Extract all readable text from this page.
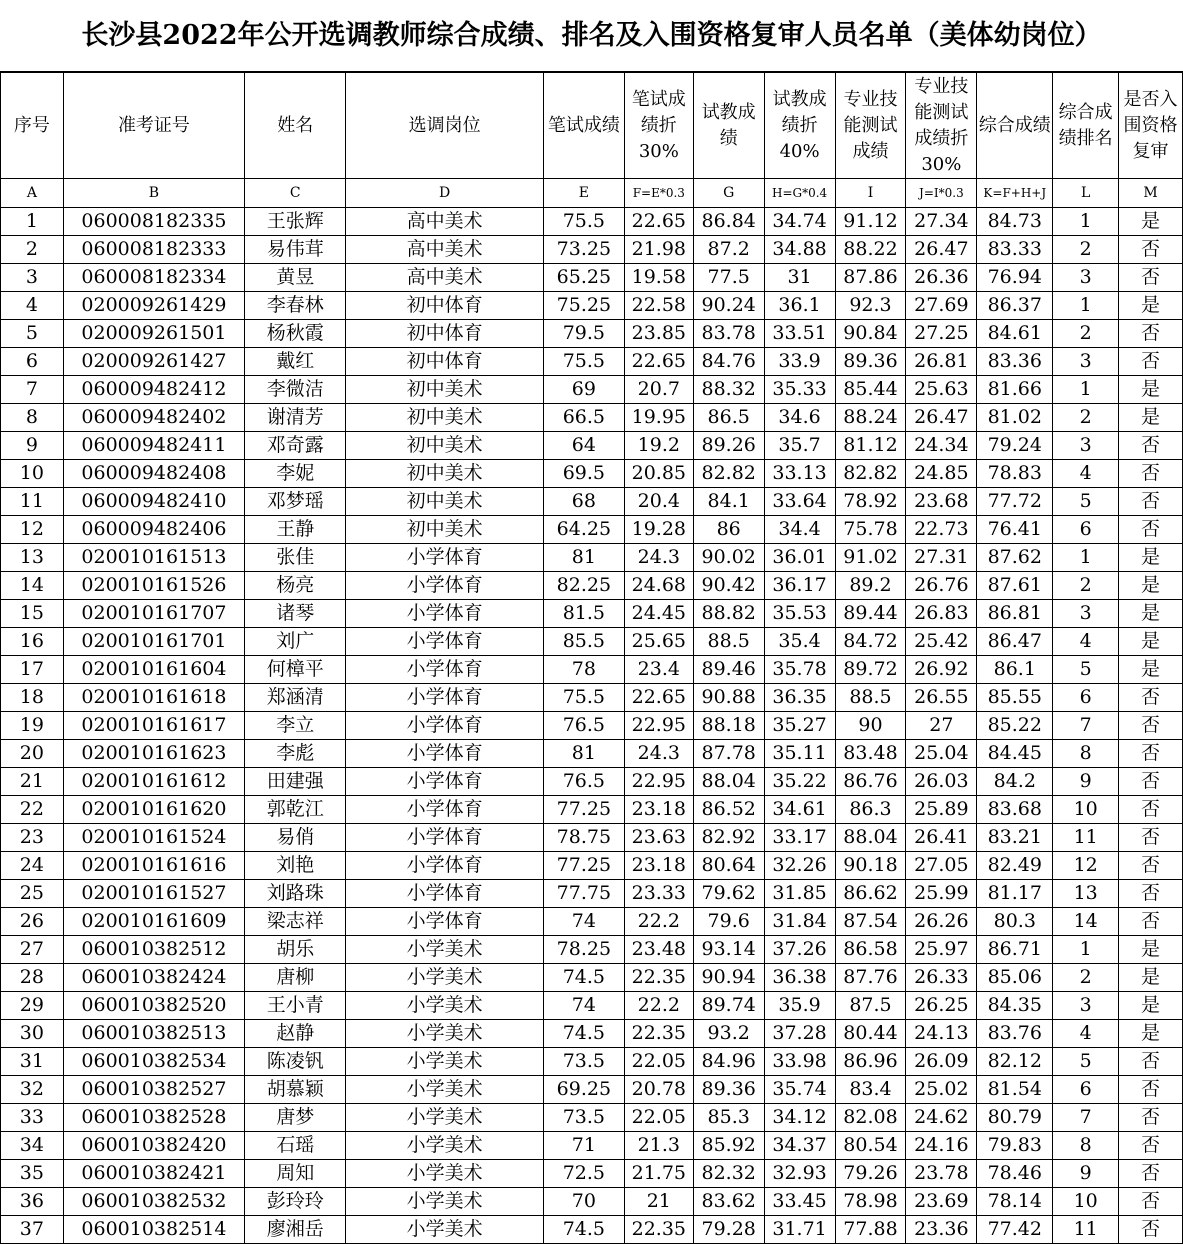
长沙县2022年公开选调教师综合成绩、排名及入围资格复审人员名单（美体幼岗位）
序号	准考证号	姓名	选调岗位	笔试成绩	笔试成绩折30%	试教成绩	试教成绩折40%	专业技能测试成绩	专业技能测试成绩折30%	综合成绩	综合成绩排名	是否入围资格复审
A	B	C	D	E	F=E*0.3	G	H=G*0.4	I	J=I*0.3	K=F+H+J	L	M
1	060008182335	王张辉	高中美术	75.5	22.65	86.84	34.74	91.12	27.34	84.73	1	是
2	060008182333	易伟茸	高中美术	73.25	21.98	87.2	34.88	88.22	26.47	83.33	2	否
3	060008182334	黄昱	高中美术	65.25	19.58	77.5	31	87.86	26.36	76.94	3	否
4	020009261429	李春林	初中体育	75.25	22.58	90.24	36.1	92.3	27.69	86.37	1	是
5	020009261501	杨秋霞	初中体育	79.5	23.85	83.78	33.51	90.84	27.25	84.61	2	否
6	020009261427	戴红	初中体育	75.5	22.65	84.76	33.9	89.36	26.81	83.36	3	否
7	060009482412	李微洁	初中美术	69	20.7	88.32	35.33	85.44	25.63	81.66	1	是
8	060009482402	谢清芳	初中美术	66.5	19.95	86.5	34.6	88.24	26.47	81.02	2	是
9	060009482411	邓奇露	初中美术	64	19.2	89.26	35.7	81.12	24.34	79.24	3	否
10	060009482408	李妮	初中美术	69.5	20.85	82.82	33.13	82.82	24.85	78.83	4	否
11	060009482410	邓梦瑶	初中美术	68	20.4	84.1	33.64	78.92	23.68	77.72	5	否
12	060009482406	王静	初中美术	64.25	19.28	86	34.4	75.78	22.73	76.41	6	否
13	020010161513	张佳	小学体育	81	24.3	90.02	36.01	91.02	27.31	87.62	1	是
14	020010161526	杨亮	小学体育	82.25	24.68	90.42	36.17	89.2	26.76	87.61	2	是
15	020010161707	诸琴	小学体育	81.5	24.45	88.82	35.53	89.44	26.83	86.81	3	是
16	020010161701	刘广	小学体育	85.5	25.65	88.5	35.4	84.72	25.42	86.47	4	是
17	020010161604	何樟平	小学体育	78	23.4	89.46	35.78	89.72	26.92	86.1	5	是
18	020010161618	郑涵清	小学体育	75.5	22.65	90.88	36.35	88.5	26.55	85.55	6	否
19	020010161617	李立	小学体育	76.5	22.95	88.18	35.27	90	27	85.22	7	否
20	020010161623	李彪	小学体育	81	24.3	87.78	35.11	83.48	25.04	84.45	8	否
21	020010161612	田建强	小学体育	76.5	22.95	88.04	35.22	86.76	26.03	84.2	9	否
22	020010161620	郭乾江	小学体育	77.25	23.18	86.52	34.61	86.3	25.89	83.68	10	否
23	020010161524	易俏	小学体育	78.75	23.63	82.92	33.17	88.04	26.41	83.21	11	否
24	020010161616	刘艳	小学体育	77.25	23.18	80.64	32.26	90.18	27.05	82.49	12	否
25	020010161527	刘路珠	小学体育	77.75	23.33	79.62	31.85	86.62	25.99	81.17	13	否
26	020010161609	梁志祥	小学体育	74	22.2	79.6	31.84	87.54	26.26	80.3	14	否
27	060010382512	胡乐	小学美术	78.25	23.48	93.14	37.26	86.58	25.97	86.71	1	是
28	060010382424	唐柳	小学美术	74.5	22.35	90.94	36.38	87.76	26.33	85.06	2	是
29	060010382520	王小青	小学美术	74	22.2	89.74	35.9	87.5	26.25	84.35	3	是
30	060010382513	赵静	小学美术	74.5	22.35	93.2	37.28	80.44	24.13	83.76	4	是
31	060010382534	陈凌钒	小学美术	73.5	22.05	84.96	33.98	86.96	26.09	82.12	5	否
32	060010382527	胡慕颖	小学美术	69.25	20.78	89.36	35.74	83.4	25.02	81.54	6	否
33	060010382528	唐梦	小学美术	73.5	22.05	85.3	34.12	82.08	24.62	80.79	7	否
34	060010382420	石瑶	小学美术	71	21.3	85.92	34.37	80.54	24.16	79.83	8	否
35	060010382421	周知	小学美术	72.5	21.75	82.32	32.93	79.26	23.78	78.46	9	否
36	060010382532	彭玲玲	小学美术	70	21	83.62	33.45	78.98	23.69	78.14	10	否
37	060010382514	廖湘岳	小学美术	74.5	22.35	79.28	31.71	77.88	23.36	77.42	11	否
